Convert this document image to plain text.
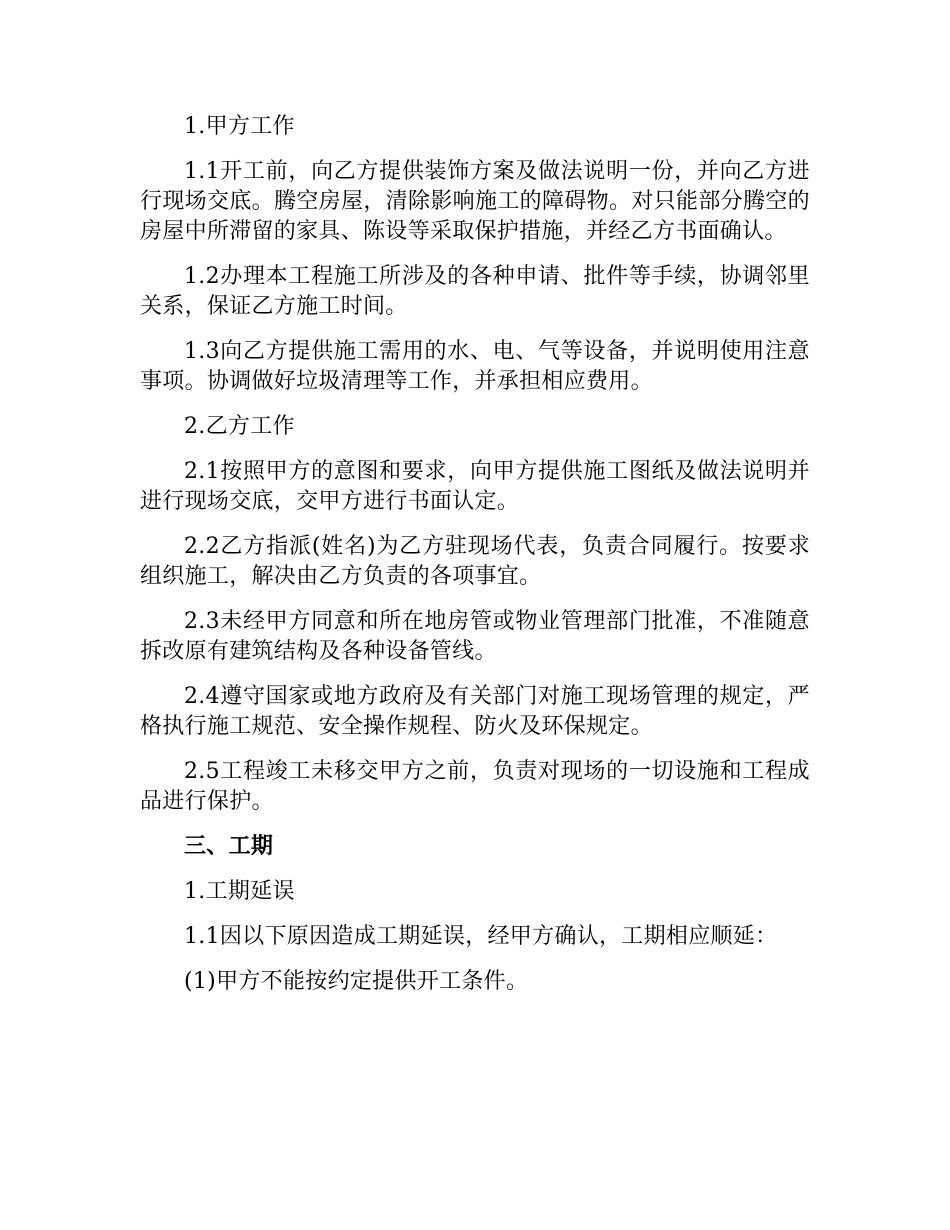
1.甲方工作

1.1开工前，向乙方提供装饰方案及做法说明一份，并向乙方进行现场交底。腾空房屋，清除影响施工的障碍物。对只能部分腾空的房屋中所滞留的家具、陈设等采取保护措施，并经乙方书面确认。

1.2办理本工程施工所涉及的各种申请、批件等手续，协调邻里关系，保证乙方施工时间。

1.3向乙方提供施工需用的水、电、气等设备，并说明使用注意事项。协调做好垃圾清理等工作，并承担相应费用。

2.乙方工作

2.1按照甲方的意图和要求，向甲方提供施工图纸及做法说明并进行现场交底，交甲方进行书面认定。

2.2乙方指派(姓名)为乙方驻现场代表，负责合同履行。按要求组织施工，解决由乙方负责的各项事宜。

2.3未经甲方同意和所在地房管或物业管理部门批准，不准随意拆改原有建筑结构及各种设备管线。

2.4遵守国家或地方政府及有关部门对施工现场管理的规定，严格执行施工规范、安全操作规程、防火及环保规定。

2.5工程竣工未移交甲方之前，负责对现场的一切设施和工程成品进行保护。

三、工期

1.工期延误

1.1因以下原因造成工期延误，经甲方确认，工期相应顺延：

(1)甲方不能按约定提供开工条件。
